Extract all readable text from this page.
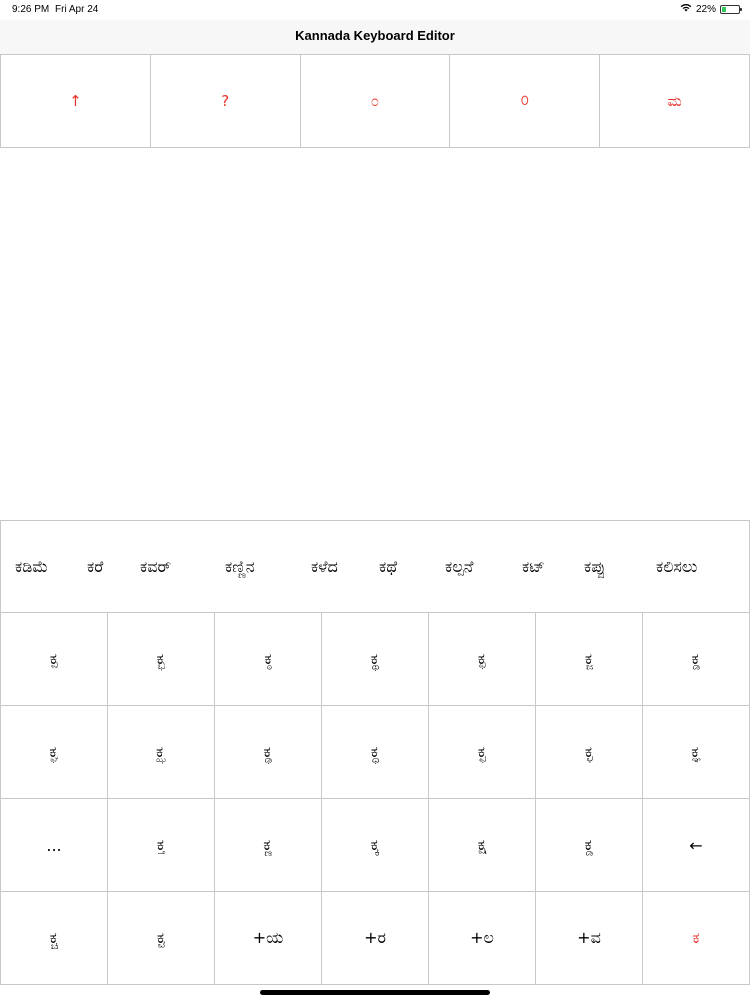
9:26 PM Fri Apr 24	22%
Kannada Keyboard Editor
↑	?	೦	௦	ಮ
ಕಡಿಮೆ ಕರೆ ಕವರ್	ಕಣ್ಣಿನ	ಕಳೆದ	ಕಥೆ	ಕಲ್ಪನೆ	ಕಟ್ ಕಪ್ಪು	ಕಲಿಸಲು
ಕ್ಪ	ಕ್ಭ	ಕ್ಠ	ಕ್ಥ	ಕ್ಫ	ಕ್ಜ	ಕ್ಡ
ಕ್ಘ	ಕ್ಝ	ಕ್ಢ	ಕ್ಧ	ಕ್ಛ	ಕ್ಳ	ಕ್ಞ
...	ಕ್ತ	ಕ್ಣ	ಕ್ಕ	ಕ್ಷ	ಕ್ಡ	←
ಕ್ಚ	ಕ್ಟ	+ಯ	+ರ	+ಲ	+ವ	ಕ
